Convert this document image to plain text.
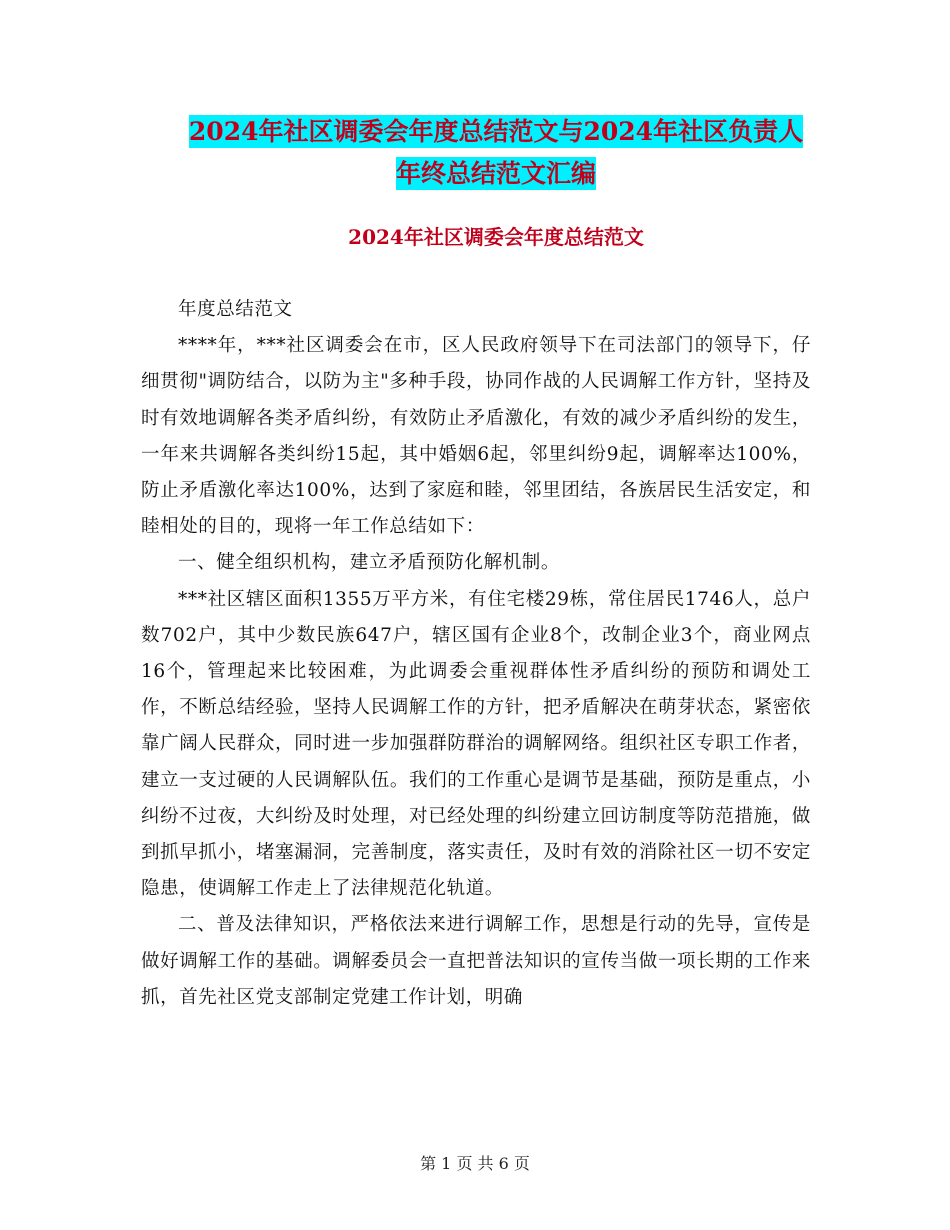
2024年社区调委会年度总结范文与2024年社区负责人
年终总结范文汇编
2024年社区调委会年度总结范文

年度总结范文

****年，***社区调委会在市，区人民政府领导下在司法部门的领导下，仔细贯彻"调防结合，以防为主"多种手段，协同作战的人民调解工作方针，坚持及时有效地调解各类矛盾纠纷，有效防止矛盾激化，有效的减少矛盾纠纷的发生，一年来共调解各类纠纷15起，其中婚姻6起，邻里纠纷9起，调解率达100%，防止矛盾激化率达100%，达到了家庭和睦，邻里团结，各族居民生活安定，和睦相处的目的，现将一年工作总结如下：

一、健全组织机构，建立矛盾预防化解机制。

***社区辖区面积1355万平方米，有住宅楼29栋，常住居民1746人，总户数702户，其中少数民族647户，辖区国有企业8个，改制企业3个，商业网点16个，管理起来比较困难，为此调委会重视群体性矛盾纠纷的预防和调处工作，不断总结经验，坚持人民调解工作的方针，把矛盾解决在萌芽状态，紧密依靠广阔人民群众，同时进一步加强群防群治的调解网络。组织社区专职工作者，建立一支过硬的人民调解队伍。我们的工作重心是调节是基础，预防是重点，小纠纷不过夜，大纠纷及时处理，对已经处理的纠纷建立回访制度等防范措施，做到抓早抓小，堵塞漏洞，完善制度，落实责任，及时有效的消除社区一切不安定隐患，使调解工作走上了法律规范化轨道。

二、普及法律知识，严格依法来进行调解工作，思想是行动的先导，宣传是做好调解工作的基础。调解委员会一直把普法知识的宣传当做一项长期的工作来抓，首先社区党支部制定党建工作计划，明确

第 1 页 共 6 页
